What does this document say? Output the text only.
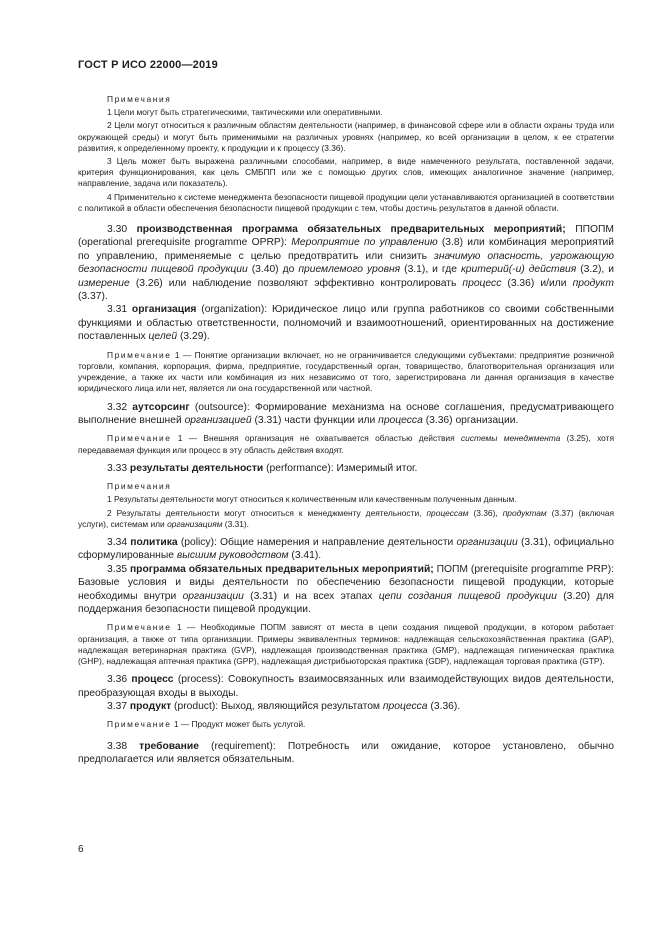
ГОСТ Р ИСО 22000—2019
Примечания
1 Цели могут быть стратегическими, тактическими или оперативными.
2 Цели могут относиться к различным областям деятельности (например, в финансовой сфере или в области охраны труда или окружающей среды) и могут быть применимыми на различных уровнях (например, ко всей организации в целом, к ее стратегии развития, к определенному проекту, к продукции и к процессу (3.36).
3 Цель может быть выражена различными способами, например, в виде намеченного результата, поставленной задачи, критерия функционирования, как цель СМБПП или же с помощью других слов, имеющих аналогичное значение (например, направление, задача или показатель).
4 Применительно к системе менеджмента безопасности пищевой продукции цели устанавливаются организацией в соответствии с политикой в области обеспечения безопасности пищевой продукции с тем, чтобы достичь результатов в данной области.
3.30 производственная программа обязательных предварительных мероприятий; ППОПМ (operational prerequisite programme OPRP): Мероприятие по управлению (3.8) или комбинация мероприятий по управлению, применяемые с целью предотвратить или снизить значимую опасность, угрожающую безопасности пищевой продукции (3.40) до приемлемого уровня (3.1), и где критерий(-и) действия (3.2), и измерение (3.26) или наблюдение позволяют эффективно контролировать процесс (3.36) и/или продукт (3.37).
3.31 организация (organization): Юридическое лицо или группа работников со своими собственными функциями и областью ответственности, полномочий и взаимоотношений, ориентированных на достижение поставленных целей (3.29).
Примечание 1 — Понятие организации включает, но не ограничивается следующими субъектами: предприятие розничной торговли, компания, корпорация, фирма, предприятие, государственный орган, товарищество, благотворительная организация или учреждение, а также их части или комбинация из них независимо от того, зарегистрирована ли данная организация в качестве юридического лица или нет, является ли она государственной или частной.
3.32 аутсорсинг (outsource): Формирование механизма на основе соглашения, предусматривающего выполнение внешней организацией (3.31) части функции или процесса (3.36) организации.
Примечание 1 — Внешняя организация не охватывается областью действия системы менеджмента (3.25), хотя передаваемая функция или процесс в эту область действия входят.
3.33 результаты деятельности (performance): Измеримый итог.
Примечания
1 Результаты деятельности могут относиться к количественным или качественным полученным данным.
2 Результаты деятельности могут относиться к менеджменту деятельности, процессам (3.36), продуктам (3.37) (включая услуги), системам или организациям (3.31).
3.34 политика (policy): Общие намерения и направление деятельности организации (3.31), официально сформулированные высшим руководством (3.41).
3.35 программа обязательных предварительных мероприятий; ПОПМ (prerequisite programme PRP): Базовые условия и виды деятельности по обеспечению безопасности пищевой продукции, которые необходимы внутри организации (3.31) и на всех этапах цепи создания пищевой продукции (3.20) для поддержания безопасности пищевой продукции.
Примечание 1 — Необходимые ПОПМ зависят от места в цепи создания пищевой продукции, в котором работает организация, а также от типа организации. Примеры эквивалентных терминов: надлежащая сельскохозяйственная практика (GAP), надлежащая ветеринарная практика (GVP), надлежащая производственная практика (GMP), надлежащая гигиеническая практика (GHP), надлежащая аптечная практика (GPP), надлежащая дистрибьюторская практика (GDP), надлежащая торговая практика (GTP).
3.36 процесс (process): Совокупность взаимосвязанных или взаимодействующих видов деятельности, преобразующая входы в выходы.
3.37 продукт (product): Выход, являющийся результатом процесса (3.36).
Примечание 1 — Продукт может быть услугой.
3.38 требование (requirement): Потребность или ожидание, которое установлено, обычно предполагается или является обязательным.
6
